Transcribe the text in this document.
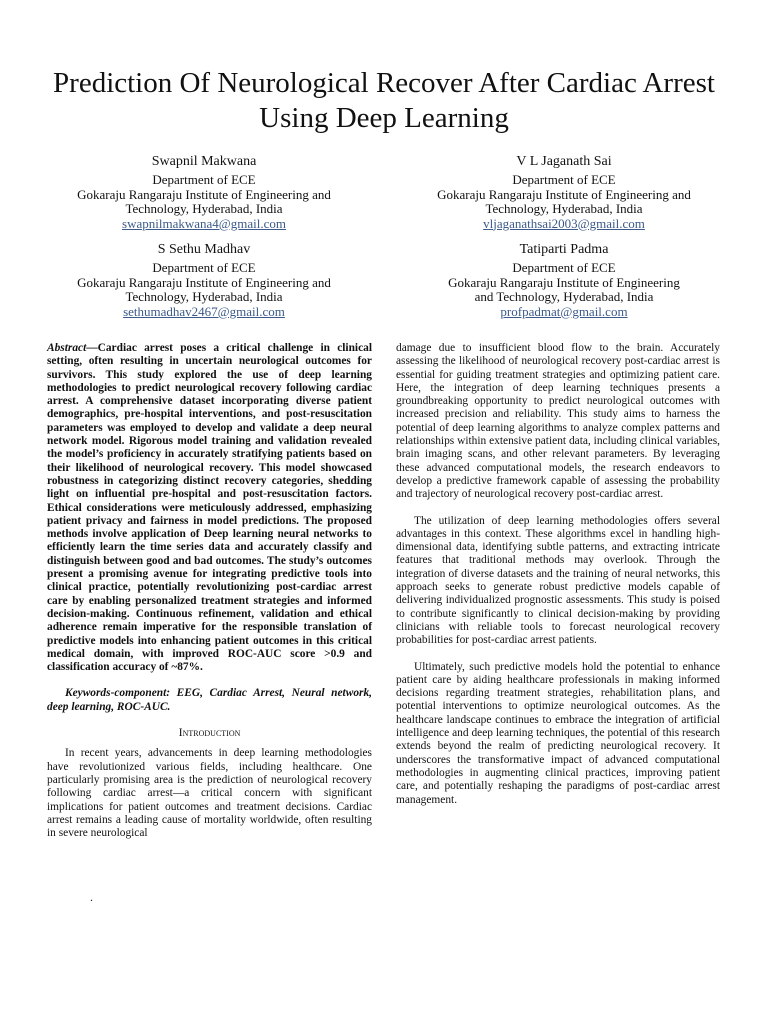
Prediction Of Neurological Recover After Cardiac Arrest Using Deep Learning
Swapnil Makwana
Department of ECE
Gokaraju Rangaraju Institute of Engineering and
Technology, Hyderabad, India
swapnilmakwana4@gmail.com
V L Jaganath Sai
Department of ECE
Gokaraju Rangaraju Institute of Engineering and
Technology, Hyderabad, India
vljaganathsai2003@gmail.com
S Sethu Madhav
Department of ECE
Gokaraju Rangaraju Institute of Engineering and
Technology, Hyderabad, India
sethumadhav2467@gmail.com
Tatiparti Padma
Department of ECE
Gokaraju Rangaraju Institute of Engineering
and Technology, Hyderabad, India
profpadmat@gmail.com

Abstract—Cardiac arrest poses a critical challenge in clinical setting, often resulting in uncertain neurological outcomes for survivors. This study explored the use of deep learning methodologies to predict neurological recovery following cardiac arrest. A comprehensive dataset incorporating diverse patient demographics, pre-hospital interventions, and post-resuscitation parameters was employed to develop and validate a deep neural network model. Rigorous model training and validation revealed the model’s proficiency in accurately stratifying patients based on their likelihood of neurological recovery. This model showcased robustness in categorizing distinct recovery categories, shedding light on influential pre-hospital and post-resuscitation factors. Ethical considerations were meticulously addressed, emphasizing patient privacy and fairness in model predictions. The proposed methods involve application of Deep learning neural networks to efficiently learn the time series data and accurately classify and distinguish between good and bad outcomes. The study’s outcomes present a promising avenue for integrating predictive tools into clinical practice, potentially revolutionizing post-cardiac arrest care by enabling personalized treatment strategies and informed decision-making. Continuous refinement, validation and ethical adherence remain imperative for the responsible translation of predictive models into enhancing patient outcomes in this critical medical domain, with improved ROC-AUC score >0.9 and classification accuracy of ~87%.

Keywords-component: EEG, Cardiac Arrest, Neural network, deep learning, ROC-AUC.

Introduction

In recent years, advancements in deep learning methodologies have revolutionized various fields, including healthcare. One particularly promising area is the prediction of neurological recovery following cardiac arrest—a critical concern with significant implications for patient outcomes and treatment decisions. Cardiac arrest remains a leading cause of mortality worldwide, often resulting in severe neurological

.

damage due to insufficient blood flow to the brain. Accurately assessing the likelihood of neurological recovery post-cardiac arrest is essential for guiding treatment strategies and optimizing patient care. Here, the integration of deep learning techniques presents a groundbreaking opportunity to predict neurological outcomes with increased precision and reliability. This study aims to harness the potential of deep learning algorithms to analyze complex patterns and relationships within extensive patient data, including clinical variables, brain imaging scans, and other relevant parameters. By leveraging these advanced computational models, the research endeavors to develop a predictive framework capable of assessing the probability and trajectory of neurological recovery post-cardiac arrest.

The utilization of deep learning methodologies offers several advantages in this context. These algorithms excel in handling high-dimensional data, identifying subtle patterns, and extracting intricate features that traditional methods may overlook. Through the integration of diverse datasets and the training of neural networks, this approach seeks to generate robust predictive models capable of delivering individualized prognostic assessments. This study is poised to contribute significantly to clinical decision-making by providing clinicians with reliable tools to forecast neurological recovery probabilities for post-cardiac arrest patients.

Ultimately, such predictive models hold the potential to enhance patient care by aiding healthcare professionals in making informed decisions regarding treatment strategies, rehabilitation plans, and potential interventions to optimize neurological outcomes. As the healthcare landscape continues to embrace the integration of artificial intelligence and deep learning techniques, the potential of this research extends beyond the realm of predicting neurological recovery. It underscores the transformative impact of advanced computational methodologies in augmenting clinical practices, improving patient care, and potentially reshaping the paradigms of post-cardiac arrest management.
